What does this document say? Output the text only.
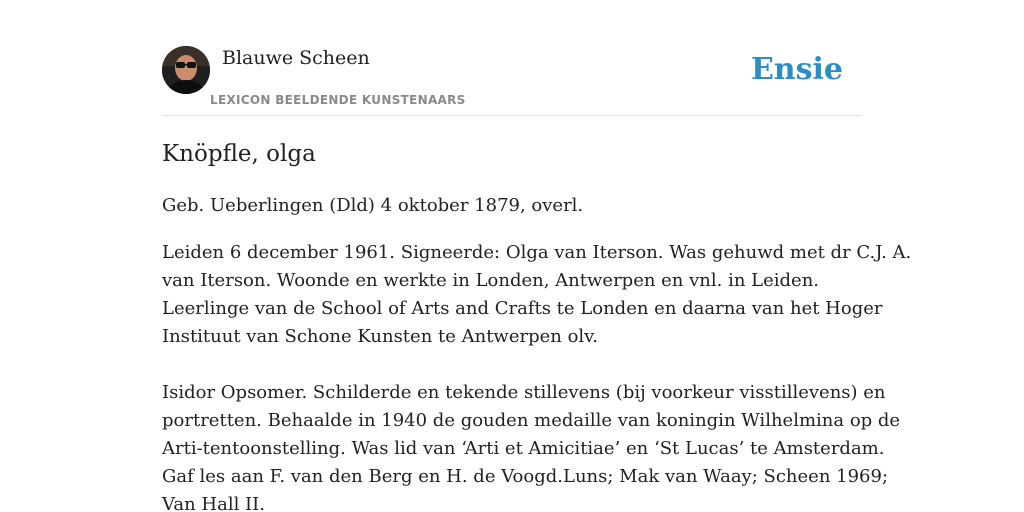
Blauwe Scheen
LEXICON BEELDENDE KUNSTENAARS
Ensie
Knöpfle, olga
Geb. Ueberlingen (Dld) 4 oktober 1879, overl.
Leiden 6 december 1961. Signeerde: Olga van Iterson. Was gehuwd met dr C.J. A.
van Iterson. Woonde en werkte in Londen, Antwerpen en vnl. in Leiden.
Leerlinge van de School of Arts and Crafts te Londen en daarna van het Hoger
Instituut van Schone Kunsten te Antwerpen olv.
Isidor Opsomer. Schilderde en tekende stillevens (bij voorkeur visstillevens) en
portretten. Behaalde in 1940 de gouden medaille van koningin Wilhelmina op de
Arti-tentoonstelling. Was lid van ‘Arti et Amicitiae’ en ‘St Lucas’ te Amsterdam.
Gaf les aan F. van den Berg en H. de Voogd.Luns; Mak van Waay; Scheen 1969;
Van Hall II.
